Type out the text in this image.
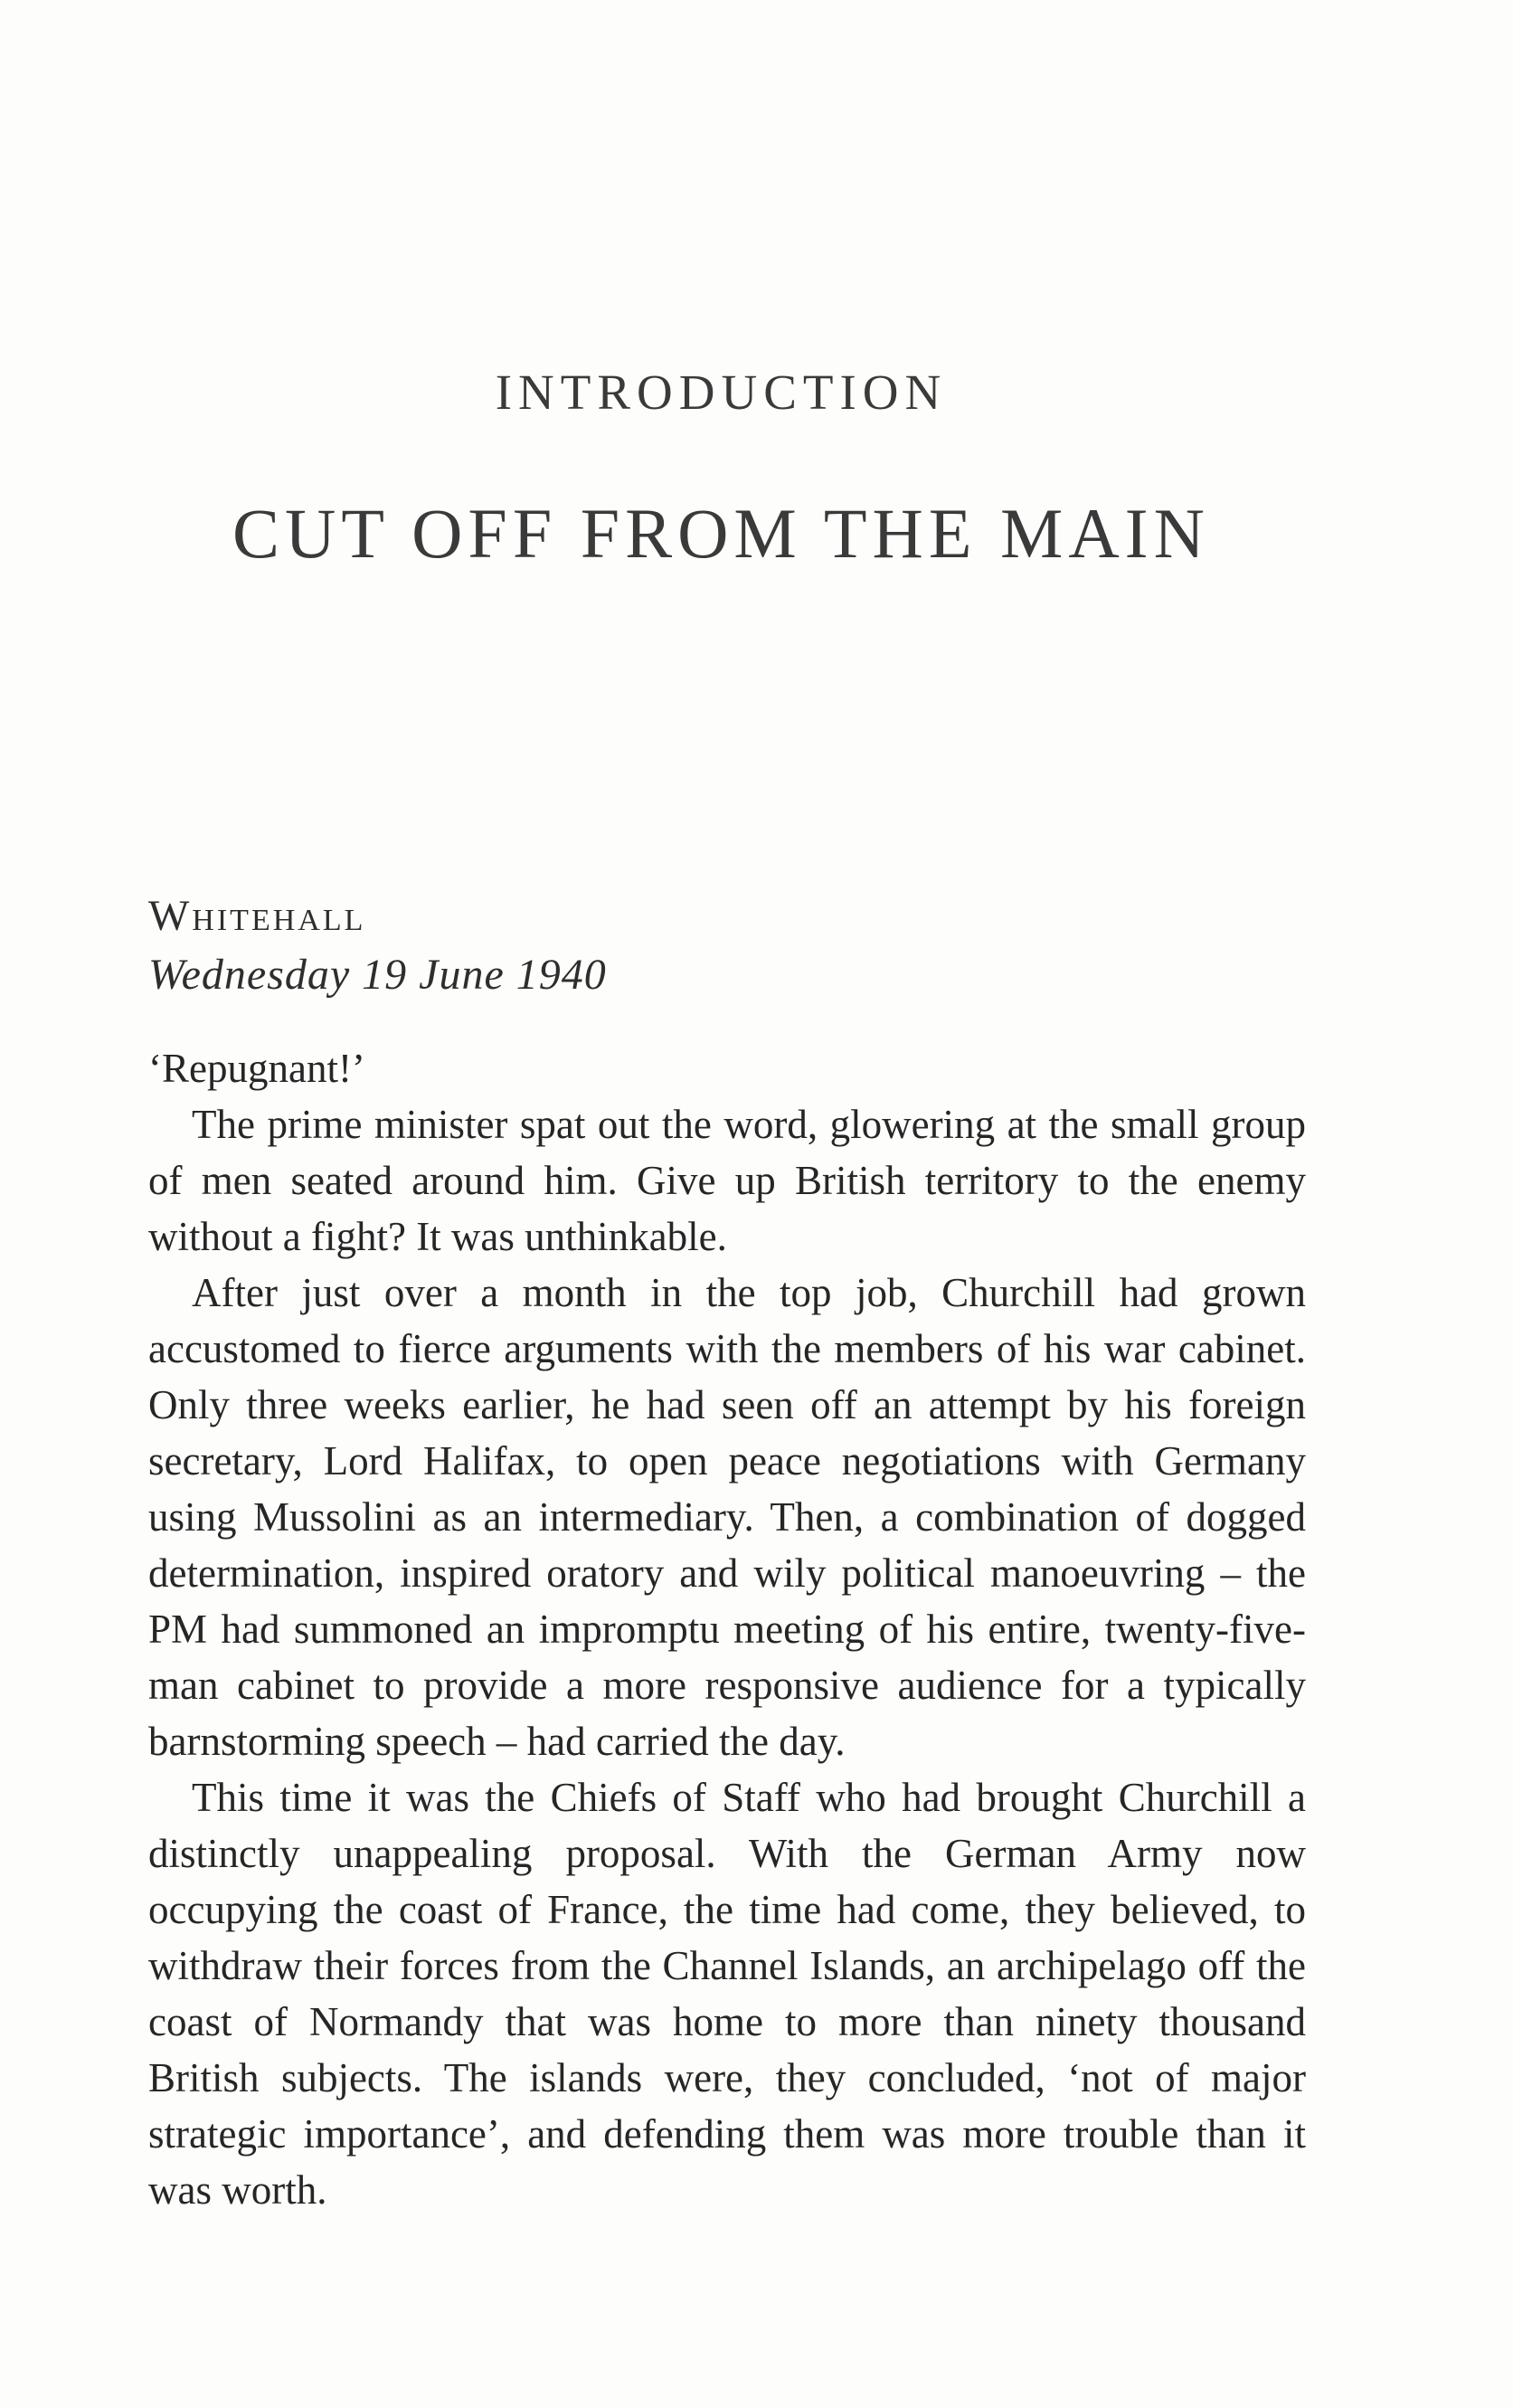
INTRODUCTION
CUT OFF FROM THE MAIN
Whitehall
Wednesday 19 June 1940

‘Repugnant!’

The prime minister spat out the word, glowering at the small group of men seated around him. Give up British territory to the enemy without a fight? It was unthinkable.

After just over a month in the top job, Churchill had grown accustomed to fierce arguments with the members of his war cabinet. Only three weeks earlier, he had seen off an attempt by his foreign secretary, Lord Halifax, to open peace negotiations with Germany using Mussolini as an intermediary. Then, a combination of dogged determination, inspired oratory and wily political manoeuvring – the PM had summoned an impromptu meeting of his entire, twenty-five-man cabinet to provide a more responsive audience for a typically barnstorming speech – had carried the day.

This time it was the Chiefs of Staff who had brought Churchill a distinctly unappealing proposal. With the German Army now occupying the coast of France, the time had come, they believed, to withdraw their forces from the Channel Islands, an archipelago off the coast of Normandy that was home to more than ninety thousand British subjects. The islands were, they concluded, ‘not of major strategic importance’, and defending them was more trouble than it was worth.
